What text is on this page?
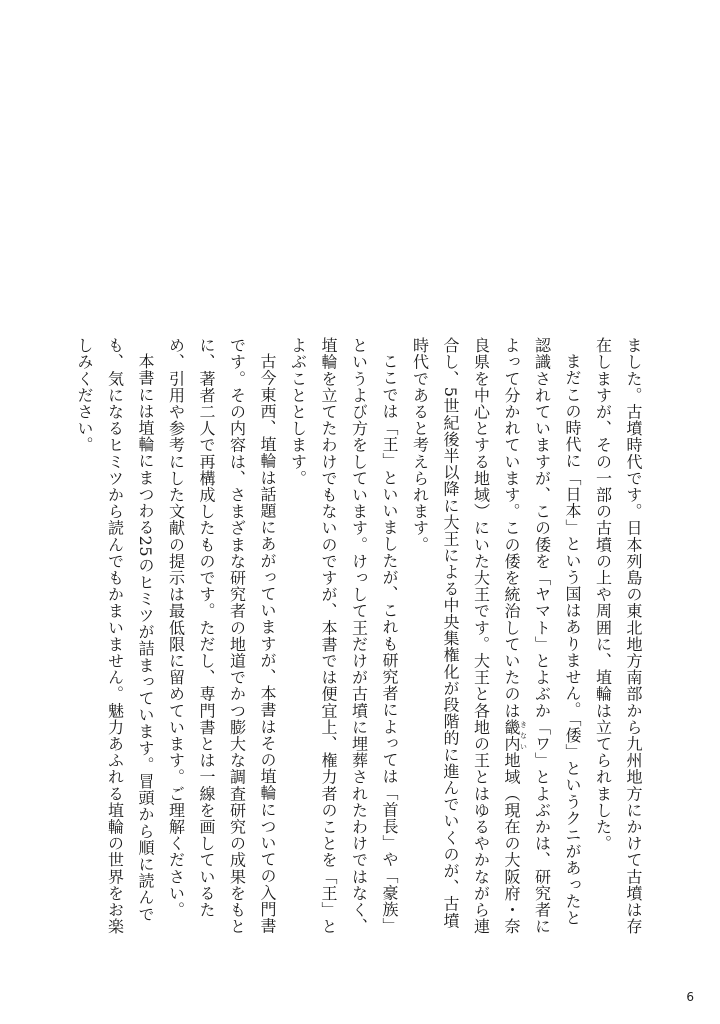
ました。古墳時代です。日本列島の東北地方南部から九州地方にかけて古墳は存在しますが、その一部の古墳の上や周囲に、埴輪は立てられました。

まだこの時代に「日本」という国はありません。「倭」というクニがあったと認識されていますが、この倭を「ヤマト」とよぶか「ワ」とよぶかは、研究者によって分かれています。この倭を統治していたのは畿内きない地域（現在の大阪府・奈良県を中心とする地域）にいた大王です。大王と各地の王とはゆるやかながら連合し、5世紀後半以降に大王による中央集権化が段階的に進んでいくのが、古墳時代であると考えられます。

ここでは「王」といいましたが、これも研究者によっては「首長」や「豪族」というよび方をしています。けっして王だけが古墳に埋葬されたわけではなく、埴輪を立てたわけでもないのですが、本書では便宜上、権力者のことを「王」とよぶこととします。

古今東西、埴輪は話題にあがっていますが、本書はその埴輪についての入門書です。その内容は、さまざまな研究者の地道でかつ膨大な調査研究の成果をもとに、著者二人で再構成したものです。ただし、専門書とは一線を画しているため、引用や参考にした文献の提示は最低限に留めています。ご理解ください。

本書には埴輪にまつわる25のヒミツが詰まっています。冒頭から順に読んでも、気になるヒミツから読んでもかまいません。魅力あふれる埴輪の世界をお楽しみください。

6
